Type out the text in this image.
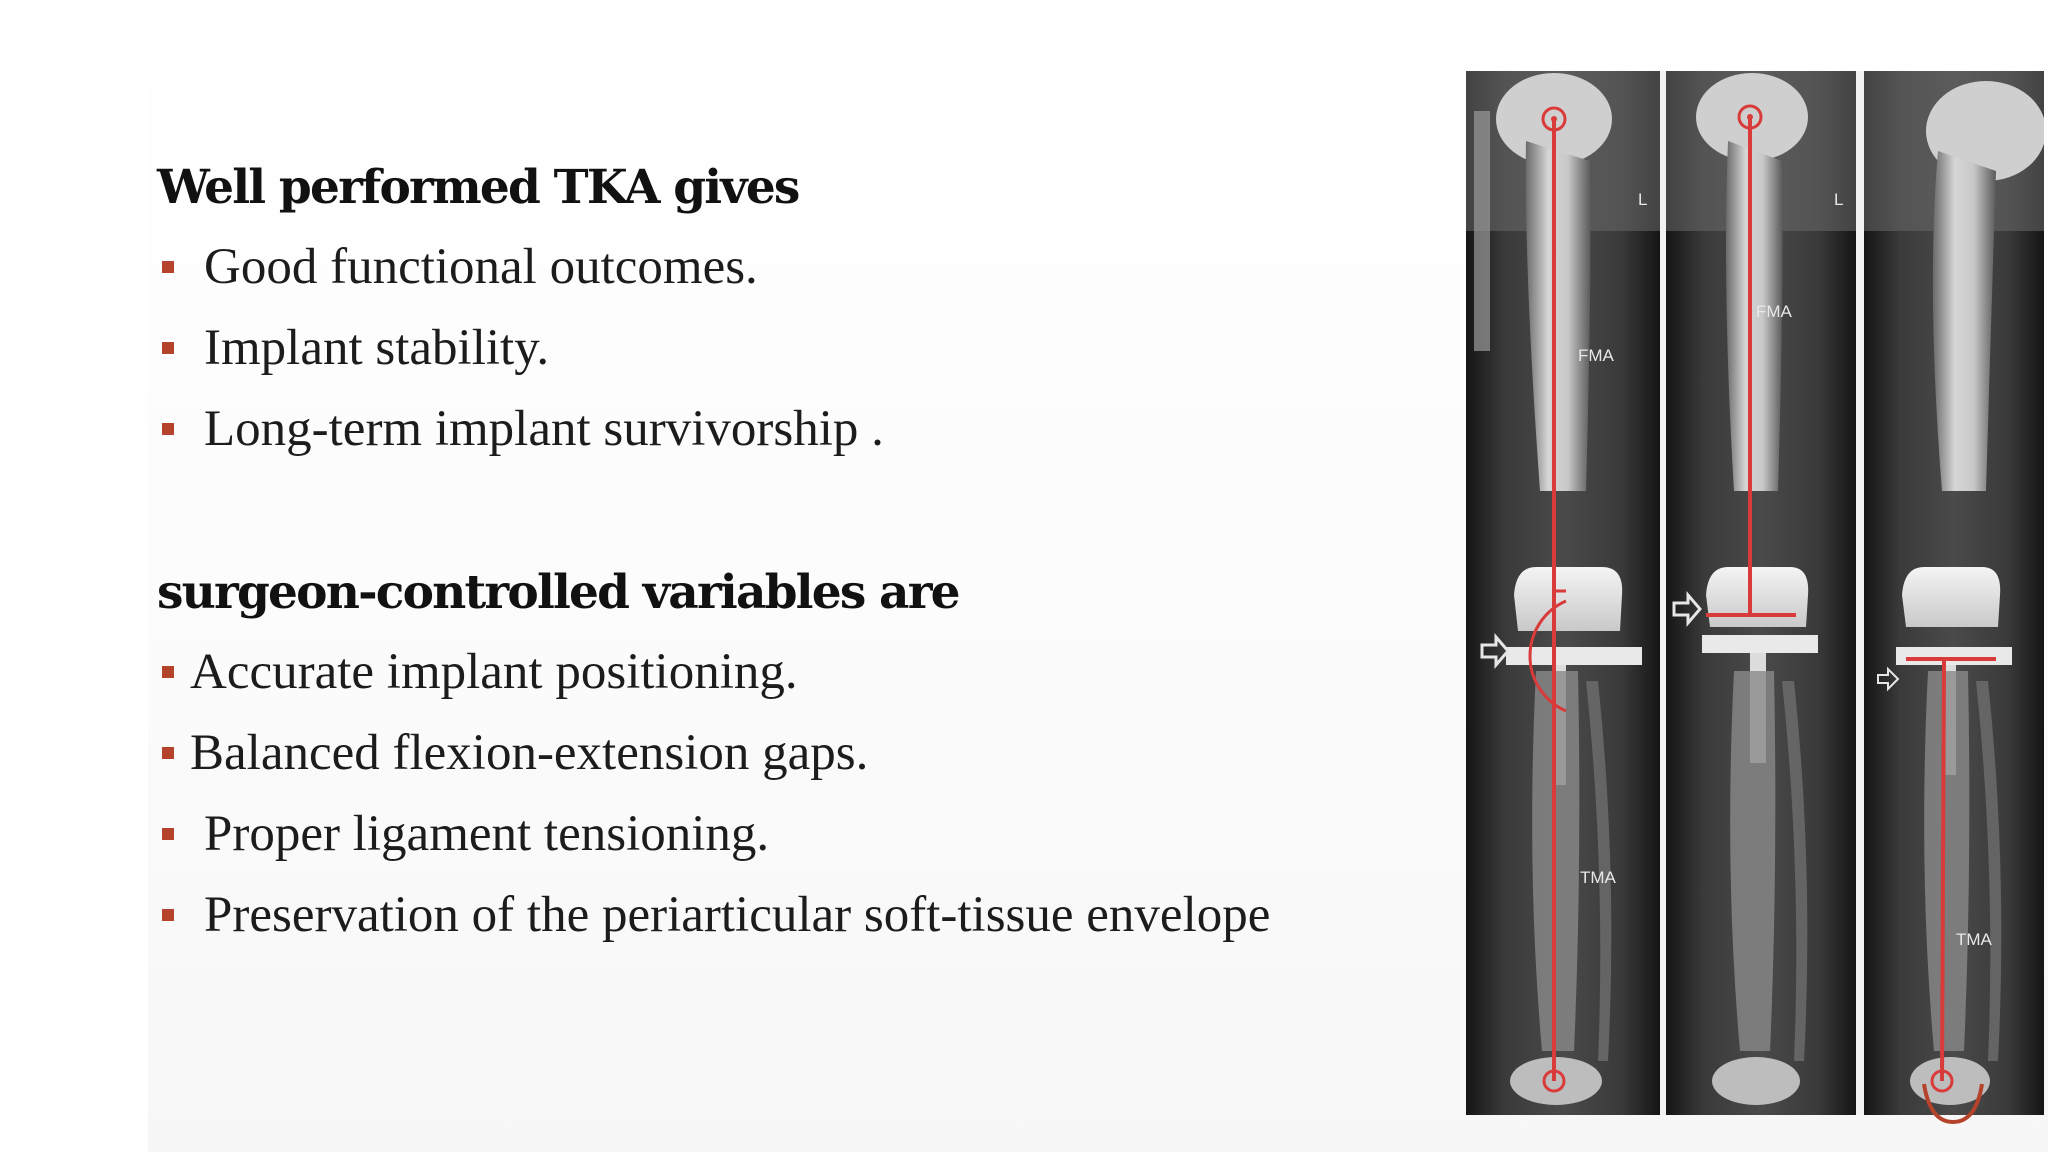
Well performed TKA gives
Good functional outcomes.
Implant stability.
Long-term implant survivorship .
surgeon-controlled variables are
Accurate implant positioning.
Balanced flexion-extension gaps.
Proper ligament tensioning.
Preservation of the periarticular soft-tissue envelope
FMA
TMA
L
FMA
L
TMA
